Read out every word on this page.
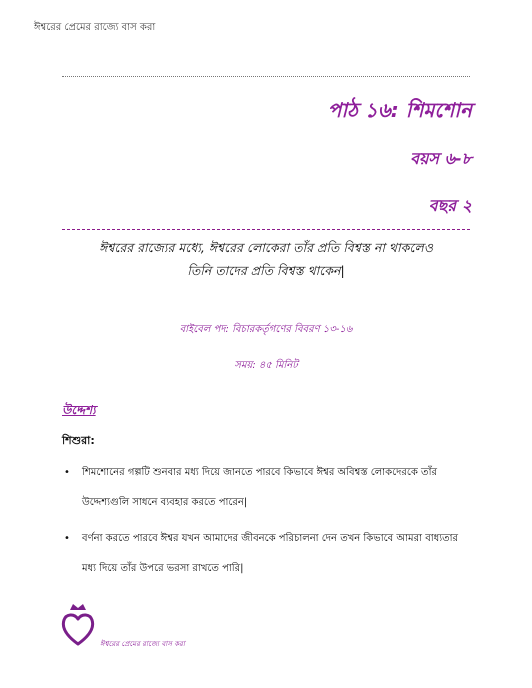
ঈশ্বরের প্রেমের রাজ্যে বাস করা
পাঠ ১৬: শিমশোন
বয়স ৬-৮
বছর ২
ঈশ্বরের রাজ্যের মধ্যে, ঈশ্বরের লোকেরা তাঁর প্রতি বিশ্বস্ত না থাকলেও
তিনি তাদের প্রতি বিশ্বস্ত থাকেন|
বাইবেল পদ: বিচারকর্তৃগণের বিবরণ ১৩-১৬
সময়: ৪৫ মিনিট
উদ্দেশ্য
শিশুরা:
• শিমশোনের গল্পটি শুনবার মধ্য দিয়ে জানতে পারবে কিভাবে ঈশ্বর অবিশ্বস্ত লোকদেরকে তাঁর
উদ্দেশ্যগুলি সাধনে ব্যবহার করতে পারেন|
• বর্ণনা করতে পারবে ঈশ্বর যখন আমাদের জীবনকে পরিচালনা দেন তখন কিভাবে আমরা বাধ্যতার
মধ্য দিয়ে তাঁর উপরে ভরসা রাখতে পারি|
ঈশ্বরের প্রেমের রাজ্যে বাস করা
